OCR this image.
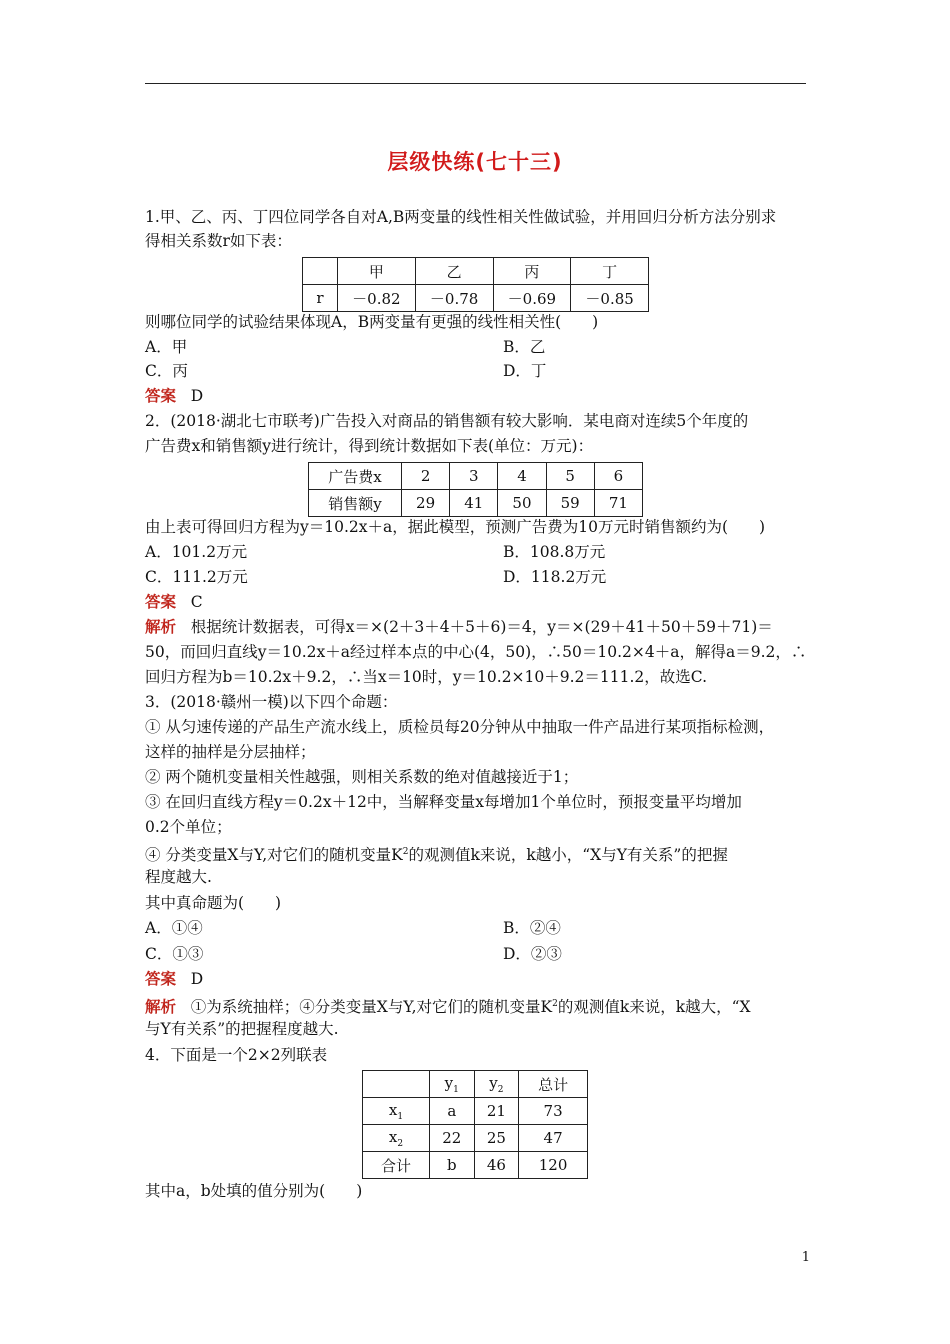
层级快练(七十三)
1.甲、乙、丙、丁四位同学各自对A,B两变量的线性相关性做试验，并用回归分析方法分别求
得相关系数r如下表：
	甲	乙	丙	丁
r	－0.82	－0.78	－0.69	－0.85
则哪位同学的试验结果体现A，B两变量有更强的线性相关性(　　)
A．甲	B．乙
C．丙	D．丁
答案 D
2．(2018·湖北七市联考)广告投入对商品的销售额有较大影响．某电商对连续5个年度的
广告费x和销售额y进行统计，得到统计数据如下表(单位：万元)：
广告费x	2	3	4	5	6
销售额y	29	41	50	59	71
由上表可得回归方程为y＝10.2x＋a，据此模型，预测广告费为10万元时销售额约为(　　)
A．101.2万元	B．108.8万元
C．111.2万元	D．118.2万元
答案 C
解析 根据统计数据表，可得x＝×(2＋3＋4＋5＋6)＝4，y＝×(29＋41＋50＋59＋71)＝
50，而回归直线y＝10.2x＋a经过样本点的中心(4，50)，∴50＝10.2×4＋a，解得a＝9.2，∴
回归方程为b＝10.2x＋9.2，∴当x＝10时，y＝10.2×10＋9.2＝111.2，故选C.
3．(2018·赣州一模)以下四个命题：
① 从匀速传递的产品生产流水线上，质检员每20分钟从中抽取一件产品进行某项指标检测，
这样的抽样是分层抽样；
② 两个随机变量相关性越强，则相关系数的绝对值越接近于1；
③ 在回归直线方程y＝0.2x＋12中，当解释变量x每增加1个单位时，预报变量平均增加
0.2个单位；
④ 分类变量X与Y,对它们的随机变量$K^2$的观测值k来说，k越小，“X与Y有关系”的把握
程度越大.
其中真命题为(　　)
A．①④	B．②④
C．①③	D．②③
答案 D
解析 ①为系统抽样；④分类变量X与Y,对它们的随机变量$K^2$的观测值k来说，k越大，“X
与Y有关系”的把握程度越大.
4．下面是一个2×2列联表
	$y_1$	$y_2$	总计
$x_1$	a	21	73
$x_2$	22	25	47
合计	b	46	120
其中a，b处填的值分别为(　　)
1
